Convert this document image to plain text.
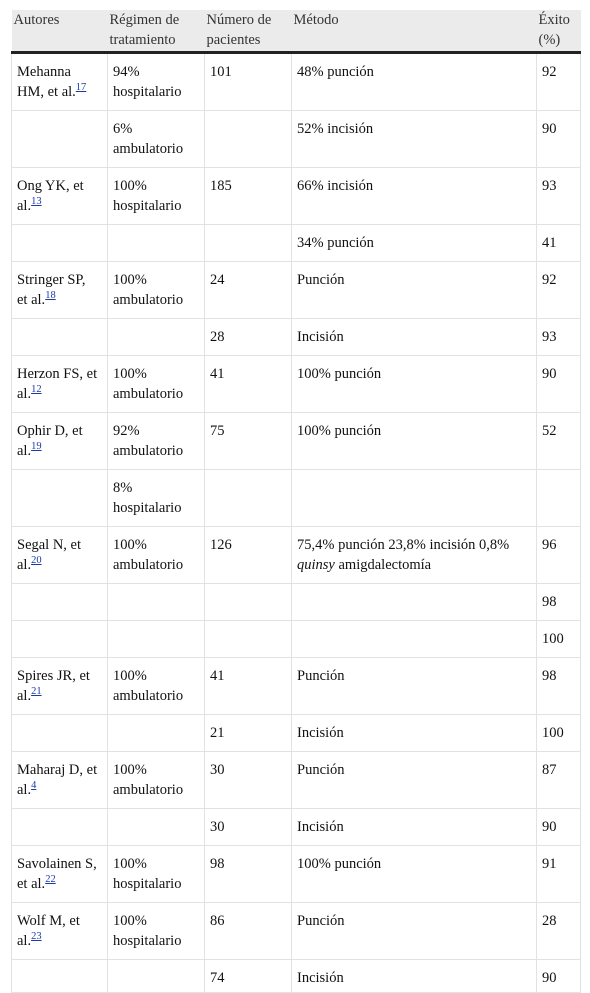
Autores	Régimen de tratamiento	Número de pacientes	Método	Éxito (%)
Mehanna HM, et al.$^{17}$	94% hospitalario	101	48% punción	92
	6% ambulatorio		52% incisión	90
Ong YK, et al.$^{13}$	100% hospitalario	185	66% incisión	93
			34% punción	41
Stringer SP, et al.$^{18}$	100% ambulatorio	24	Punción	92
		28	Incisión	93
Herzon FS, et al.$^{12}$	100% ambulatorio	41	100% punción	90
Ophir D, et al.$^{19}$	92% ambulatorio	75	100% punción	52
	8% hospitalario			
Segal N, et al.$^{20}$	100% ambulatorio	126	75,4% punción 23,8% incisión 0,8% quinsy amigdalectomía	96
				98
				100
Spires JR, et al.$^{21}$	100% ambulatorio	41	Punción	98
		21	Incisión	100
Maharaj D, et al.$^4$	100% ambulatorio	30	Punción	87
		30	Incisión	90
Savolainen S, et al.$^{22}$	100% hospitalario	98	100% punción	91
Wolf M, et al.$^{23}$	100% hospitalario	86	Punción	28
		74	Incisión	90
